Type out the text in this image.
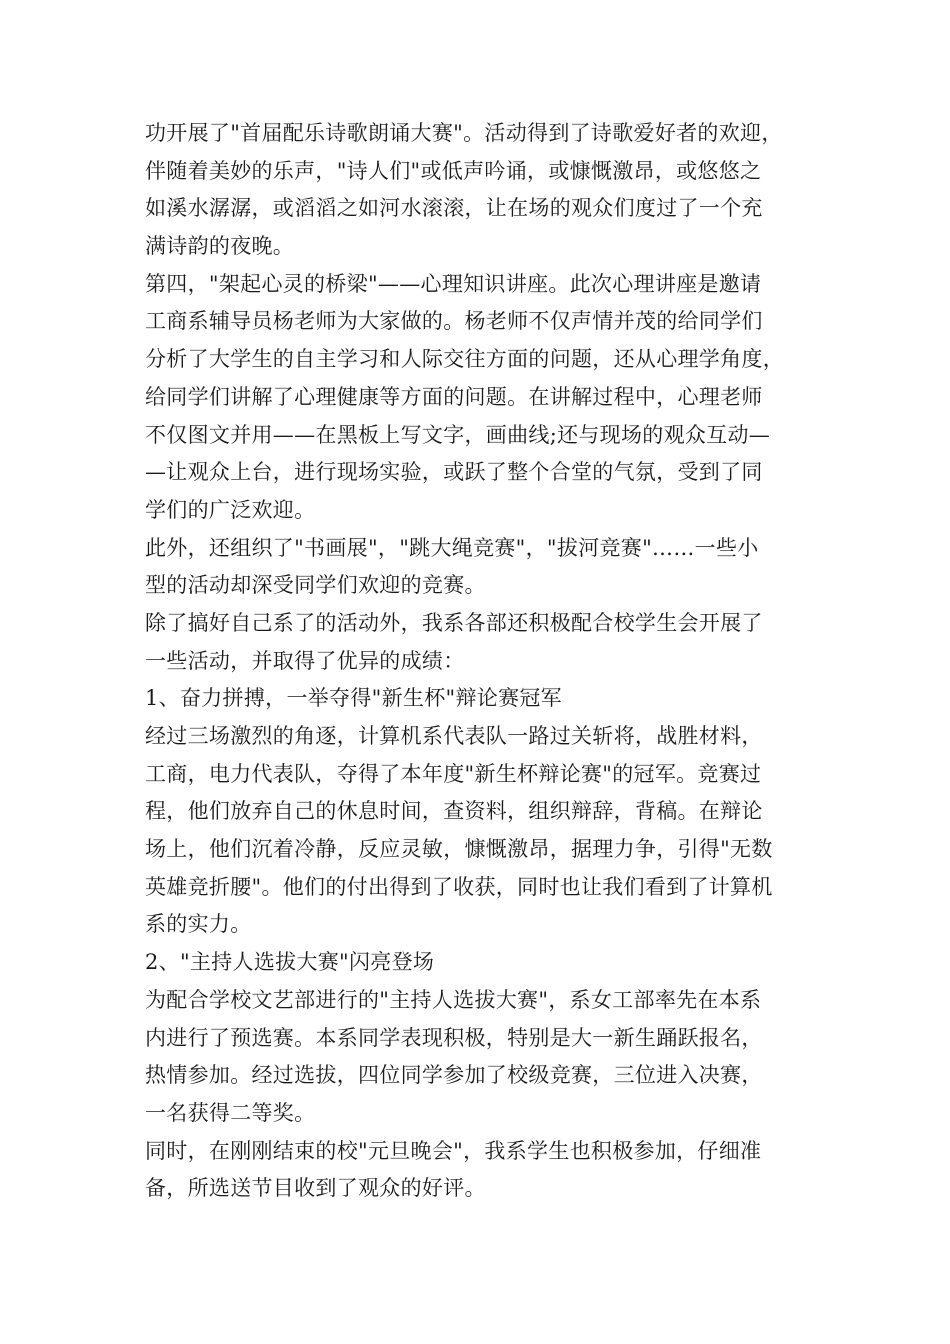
功开展了"首届配乐诗歌朗诵大赛"。活动得到了诗歌爱好者的欢迎，
伴随着美妙的乐声，"诗人们"或低声吟诵，或慷慨激昂，或悠悠之
如溪水潺潺，或滔滔之如河水滚滚，让在场的观众们度过了一个充
满诗韵的夜晚。
第四，"架起心灵的桥梁"——心理知识讲座。此次心理讲座是邀请
工商系辅导员杨老师为大家做的。杨老师不仅声情并茂的给同学们
分析了大学生的自主学习和人际交往方面的问题，还从心理学角度，
给同学们讲解了心理健康等方面的问题。在讲解过程中，心理老师
不仅图文并用——在黑板上写文字，画曲线;还与现场的观众互动—
—让观众上台，进行现场实验，或跃了整个合堂的气氛，受到了同
学们的广泛欢迎。
此外，还组织了"书画展"，"跳大绳竞赛"，"拔河竞赛"……一些小
型的活动却深受同学们欢迎的竞赛。
除了搞好自己系了的活动外，我系各部还积极配合校学生会开展了
一些活动，并取得了优异的成绩：
1、奋力拼搏，一举夺得"新生杯"辩论赛冠军
经过三场激烈的角逐，计算机系代表队一路过关斩将，战胜材料，
工商，电力代表队，夺得了本年度"新生杯辩论赛"的冠军。竞赛过
程，他们放弃自己的休息时间，查资料，组织辩辞，背稿。在辩论
场上，他们沉着冷静，反应灵敏，慷慨激昂，据理力争，引得"无数
英雄竞折腰"。他们的付出得到了收获，同时也让我们看到了计算机
系的实力。
2、"主持人选拔大赛"闪亮登场
为配合学校文艺部进行的"主持人选拔大赛"，系女工部率先在本系
内进行了预选赛。本系同学表现积极，特别是大一新生踊跃报名，
热情参加。经过选拔，四位同学参加了校级竞赛，三位进入决赛，
一名获得二等奖。
同时，在刚刚结束的校"元旦晚会"，我系学生也积极参加，仔细准
备，所选送节目收到了观众的好评。
